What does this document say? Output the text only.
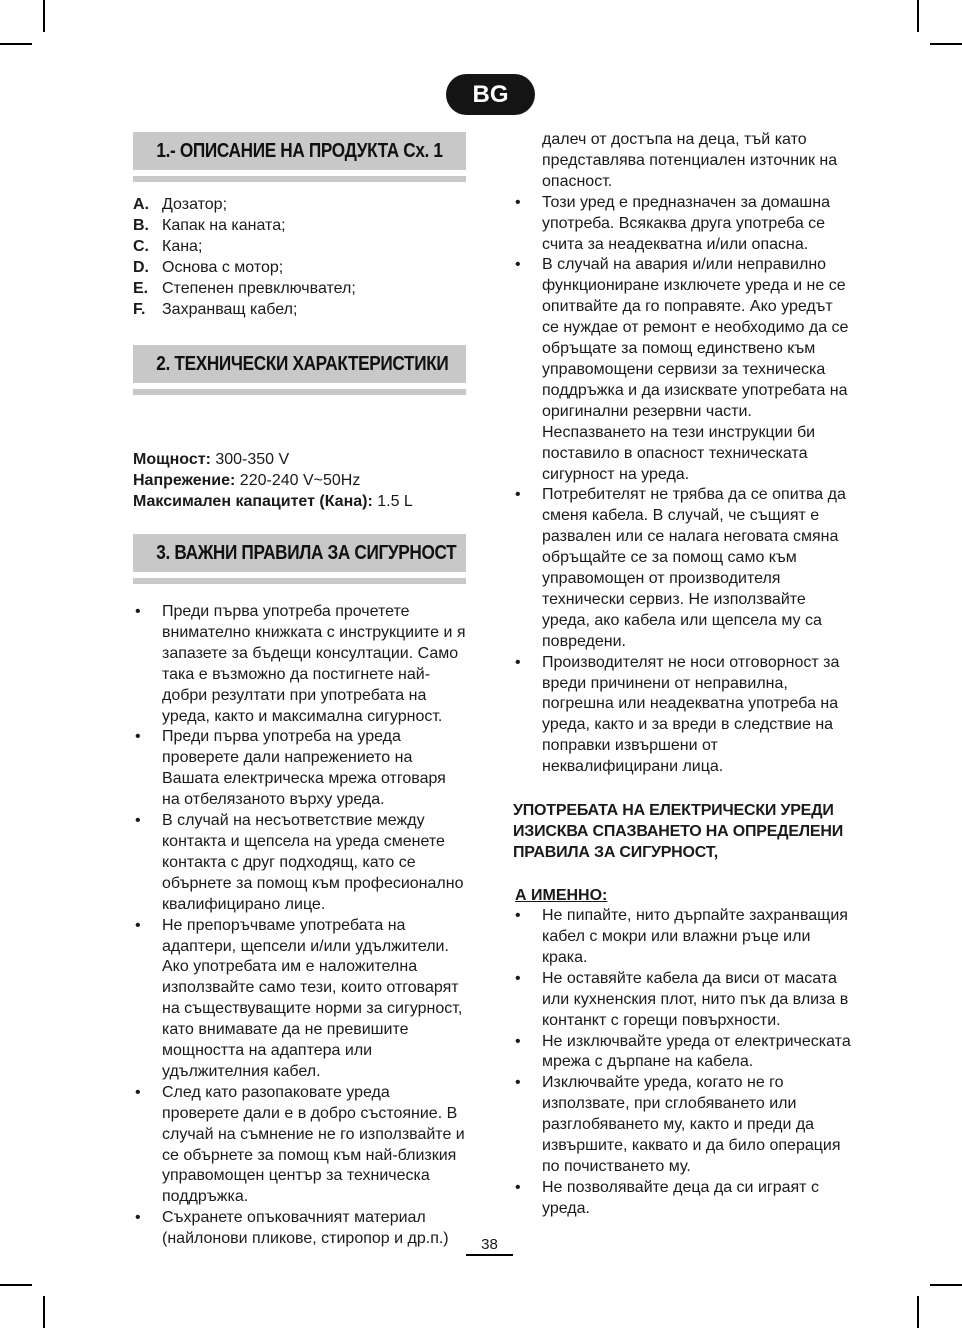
BG
1.- ОПИСАНИЕ НА ПРОДУКТА Сх. 1
A. Дозатор;
B. Капак на каната;
C. Кана;
D. Основа с мотор;
E. Степенен превключвател;
F.	Захранващ кабел;
2. ТЕХНИЧЕСКИ ХАРАКТЕРИСТИКИ
Мощност: 300-350 V
Напрежение: 220-240 V~50Hz
Максимален капацитет (Кана): 1.5 L
3. ВАЖНИ ПРАВИЛА ЗА СИГУРНОСТ
• Преди първа употреба прочетете внимателно книжката с инструкциите и я запазете за бъдещи консултации. Само така е възможно да постигнете най-добри резултати при употребата на уреда, както и максимална сигурност.
• Преди първа употреба на уреда проверете дали напрежението на Вашата електрическа мрежа отговаря на отбелязаното върху уреда.
• В случай на несъответствие между контакта и щепсела на уреда сменете контакта с друг подходящ, като се обърнете за помощ към професионално квалифицирано лице.
• Не препоръчваме употребата на адаптери, щепсели и/или удължители. Ако употребата им е наложителна използвайте само тези, които отговарят на съществуващите норми за сигурност, като внимавате да не превишите мощността на адаптера или удължителния кабел.
• След като разопаковате уреда проверете дали е в добро състояние. В случай на съмнение не го използвайте и се обърнете за помощ към най-близкия управомощен център за техническа поддръжка.
• Съхранете опъковачният материал (найлонови пликове, стиропор и др.п.)
далеч от достъпа на деца, тъй като представлява потенциален източник на опасност.
• Този уред е предназначен за домашна употреба. Всякаква друга употреба се счита за неадекватна и/или опасна.
• В случай на авария и/или неправилно функциониране изключете уреда и не се опитвайте да го поправяте. Ако уредът се нуждае от ремонт е необходимо да се обръщате за помощ единствено към управомощени сервизи за техническа поддръжка и да изисквате употребата на оригинални резервни части. Неспазването на тези инструкции би поставило в опасност техническата сигурност на уреда.
• Потребителят не трябва да се опитва да сменя кабела. В случай, че същият е развален или се налага неговата смяна обръщайте се за помощ само към управомощен от производителя технически сервиз. Не използвайте уреда, ако кабела или щепсела му са повредени.
• Производителят не носи отговорност за вреди причинени от неправилна, погрешна или неадекватна употреба на уреда, както и за вреди в следствие на поправки извършени от неквалифицирани лица.
УПОТРЕБАТА НА ЕЛЕКТРИЧЕСКИ УРЕДИ ИЗИСКВА СПАЗВАНЕТО НА ОПРЕДЕЛЕНИ ПРАВИЛА ЗА СИГУРНОСТ,
А ИМЕННО:
• Не пипайте, нито дърпайте захранващия кабел с мокри или влажни ръце или крака.
• Не оставяйте кабела да виси от масата или кухненския плот, нито пък да влиза в контанкт с горещи повърхности.
• Не изключвайте уреда от електрическата мрежа с дърпане на кабела.
• Изключвайте уреда, когато не го използвате, при сглобяването или разглобяването му, както и преди да извършите, каквато и да било операция по почистването му.
• Не позволявайте деца да си играят с уреда.
38
